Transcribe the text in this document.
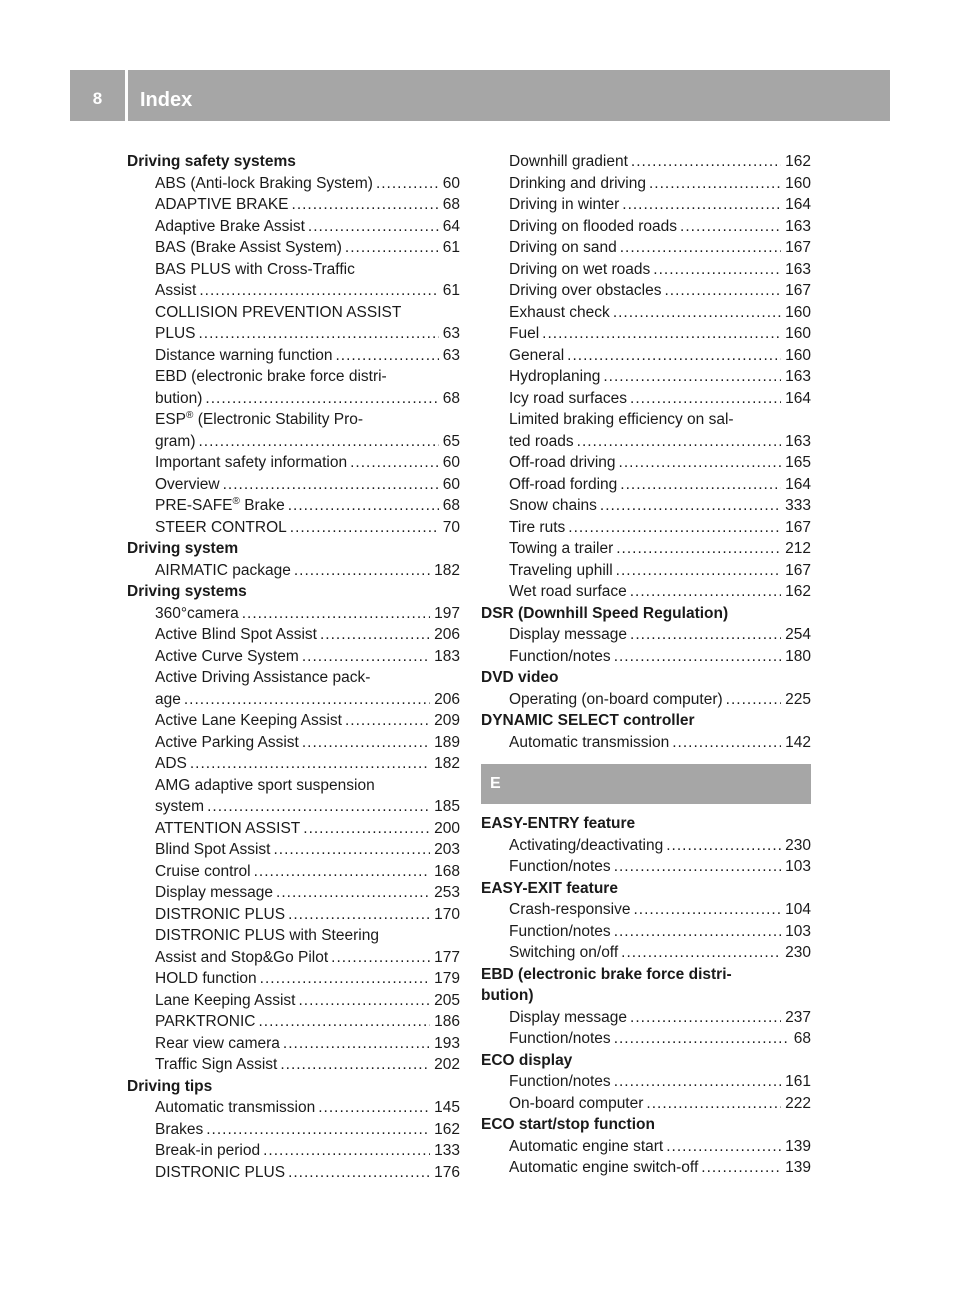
8	Index
Driving safety systems
ABS (Anti-lock Braking System) .....	60
ADAPTIVE BRAKE .....	68
Adaptive Brake Assist .....	64
BAS (Brake Assist System) .....	61
BAS PLUS with Cross-Traffic
Assist .....	61
COLLISION PREVENTION ASSIST
PLUS .....	63
Distance warning function .....	63
EBD (electronic brake force distri-
bution) .....	68
ESP® (Electronic Stability Pro-
gram) .....	65
Important safety information .....	60
Overview .....	60
PRE-SAFE® Brake .....	68
STEER CONTROL .....	70
Driving system
AIRMATIC package .....	182
Driving systems
360°camera .....	197
Active Blind Spot Assist .....	206
Active Curve System .....	183
Active Driving Assistance pack-
age .....	206
Active Lane Keeping Assist .....	209
Active Parking Assist .....	189
ADS .....	182
AMG adaptive sport suspension
system .....	185
ATTENTION ASSIST .....	200
Blind Spot Assist .....	203
Cruise control .....	168
Display message .....	253
DISTRONIC PLUS .....	170
DISTRONIC PLUS with Steering
Assist and Stop&Go Pilot .....	177
HOLD function .....	179
Lane Keeping Assist .....	205
PARKTRONIC .....	186
Rear view camera .....	193
Traffic Sign Assist .....	202
Driving tips
Automatic transmission .....	145
Brakes .....	162
Break-in period .....	133
DISTRONIC PLUS .....	176
Downhill gradient .....	162
Drinking and driving .....	160
Driving in winter .....	164
Driving on flooded roads .....	163
Driving on sand .....	167
Driving on wet roads .....	163
Driving over obstacles .....	167
Exhaust check .....	160
Fuel .....	160
General .....	160
Hydroplaning .....	163
Icy road surfaces .....	164
Limited braking efficiency on sal-
ted roads .....	163
Off-road driving .....	165
Off-road fording .....	164
Snow chains .....	333
Tire ruts .....	167
Towing a trailer .....	212
Traveling uphill .....	167
Wet road surface .....	162
DSR (Downhill Speed Regulation)
Display message .....	254
Function/notes .....	180
DVD video
Operating (on-board computer) .....	225
DYNAMIC SELECT controller
Automatic transmission .....	142
E
EASY-ENTRY feature
Activating/deactivating .....	230
Function/notes .....	103
EASY-EXIT feature
Crash-responsive .....	104
Function/notes .....	103
Switching on/off .....	230
EBD (electronic brake force distri-
bution)
Display message .....	237
Function/notes .....	68
ECO display
Function/notes .....	161
On-board computer .....	222
ECO start/stop function
Automatic engine start .....	139
Automatic engine switch-off .....	139
